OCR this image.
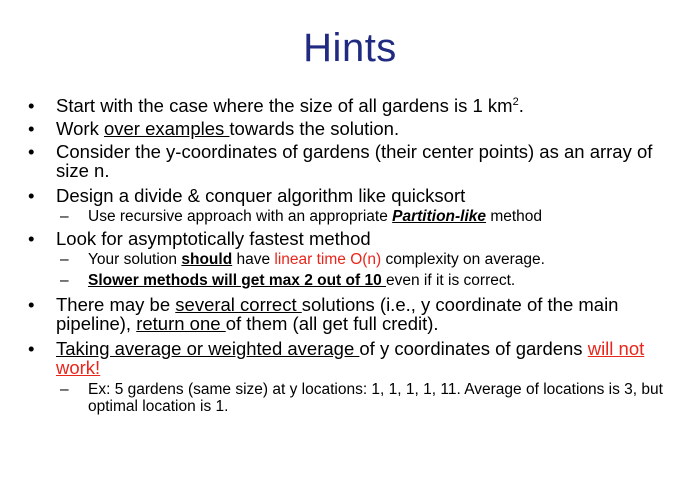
Hints
•	Start with the case where the size of all gardens is 1 $km^2$.
•	Work over examples towards the solution.
•	Consider the y-coordinates of gardens (their center points) as an array of size n.
•	Design a divide & conquer algorithm like quicksort
–	Use recursive approach with an appropriate Partition-like method
•	Look for asymptotically fastest method
–	Your solution should have linear time O(n) complexity on average.
–	Slower methods will get max 2 out of 10 even if it is correct.
•	There may be several correct solutions (i.e., y coordinate of the main pipeline), return one of them (all get full credit).
•	Taking average or weighted average of y coordinates of gardens will not work!
–	Ex: 5 gardens (same size) at y locations: 1, 1, 1, 1, 11. Average of locations is 3, but optimal location is 1.
